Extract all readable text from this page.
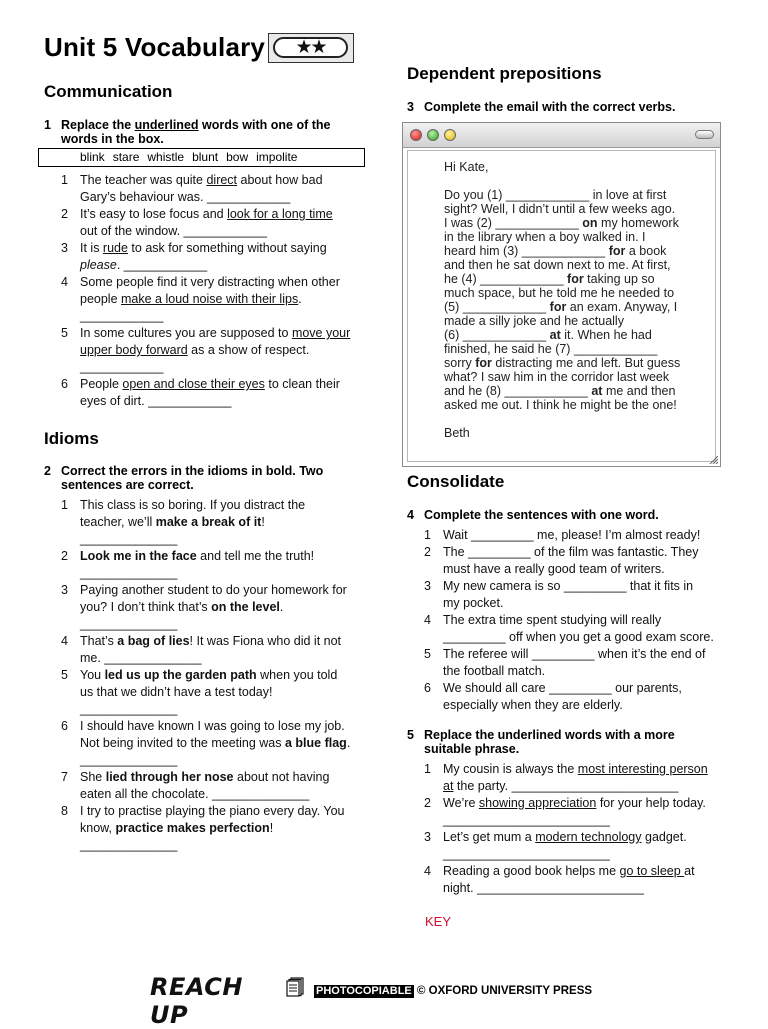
Unit 5 Vocabulary	★★
Communication
1 Replace the underlined words with one of the
words in the box.
blink stare whistle blunt bow impolite
1 The teacher was quite direct about how bad
Gary’s behaviour was. ____________
2 It’s easy to lose focus and look for a long time
out of the window. ____________
3 It is rude to ask for something without saying
please. ____________
4 Some people find it very distracting when other
people make a loud noise with their lips.
____________
5 In some cultures you are supposed to move your
upper body forward as a show of respect.
____________
6 People open and close their eyes to clean their
eyes of dirt. ____________
Idioms
2 Correct the errors in the idioms in bold. Two
sentences are correct.
1 This class is so boring. If you distract the
teacher, we’ll make a break of it!
______________
2 Look me in the face and tell me the truth!
______________
3 Paying another student to do your homework for
you? I don’t think that’s on the level.
______________
4 That’s a bag of lies! It was Fiona who did it not
me. ______________
5 You led us up the garden path when you told
us that we didn’t have a test today!
______________
6 I should have known I was going to lose my job.
Not being invited to the meeting was a blue flag.
______________
7 She lied through her nose about not having
eaten all the chocolate. ______________
8 I try to practise playing the piano every day. You
know, practice makes perfection!
______________
Dependent prepositions
3 Complete the email with the correct verbs.
Hi Kate,
Do you (1) ____________ in love at first
sight? Well, I didn’t until a few weeks ago.
I was (2) ____________ on my homework
in the library when a boy walked in. I
heard him (3) ____________ for a book
and then he sat down next to me. At first,
he (4) ____________ for taking up so
much space, but he told me he needed to
(5) ____________ for an exam. Anyway, I
made a silly joke and he actually
(6) ____________ at it. When he had
finished, he said he (7) ____________
sorry for distracting me and left. But guess
what? I saw him in the corridor last week
and he (8) ____________ at me and then
asked me out. I think he might be the one!
Beth
Consolidate
4 Complete the sentences with one word.
1 Wait _________ me, please! I’m almost ready!
2 The _________ of the film was fantastic. They
must have a really good team of writers.
3 My new camera is so _________ that it fits in
my pocket.
4 The extra time spent studying will really
_________ off when you get a good exam score.
5 The referee will _________ when it’s the end of
the football match.
6 We should all care _________ our parents,
especially when they are elderly.
5 Replace the underlined words with a more
suitable phrase.
1 My cousin is always the most interesting person
at the party. ________________________
2 We’re showing appreciation for your help today.
________________________
3 Let’s get mum a modern technology gadget.
________________________
4 Reading a good book helps me go to sleep at
night. ________________________
KEY
REACH UP
PHOTOCOPIABLE © OXFORD UNIVERSITY PRESS
